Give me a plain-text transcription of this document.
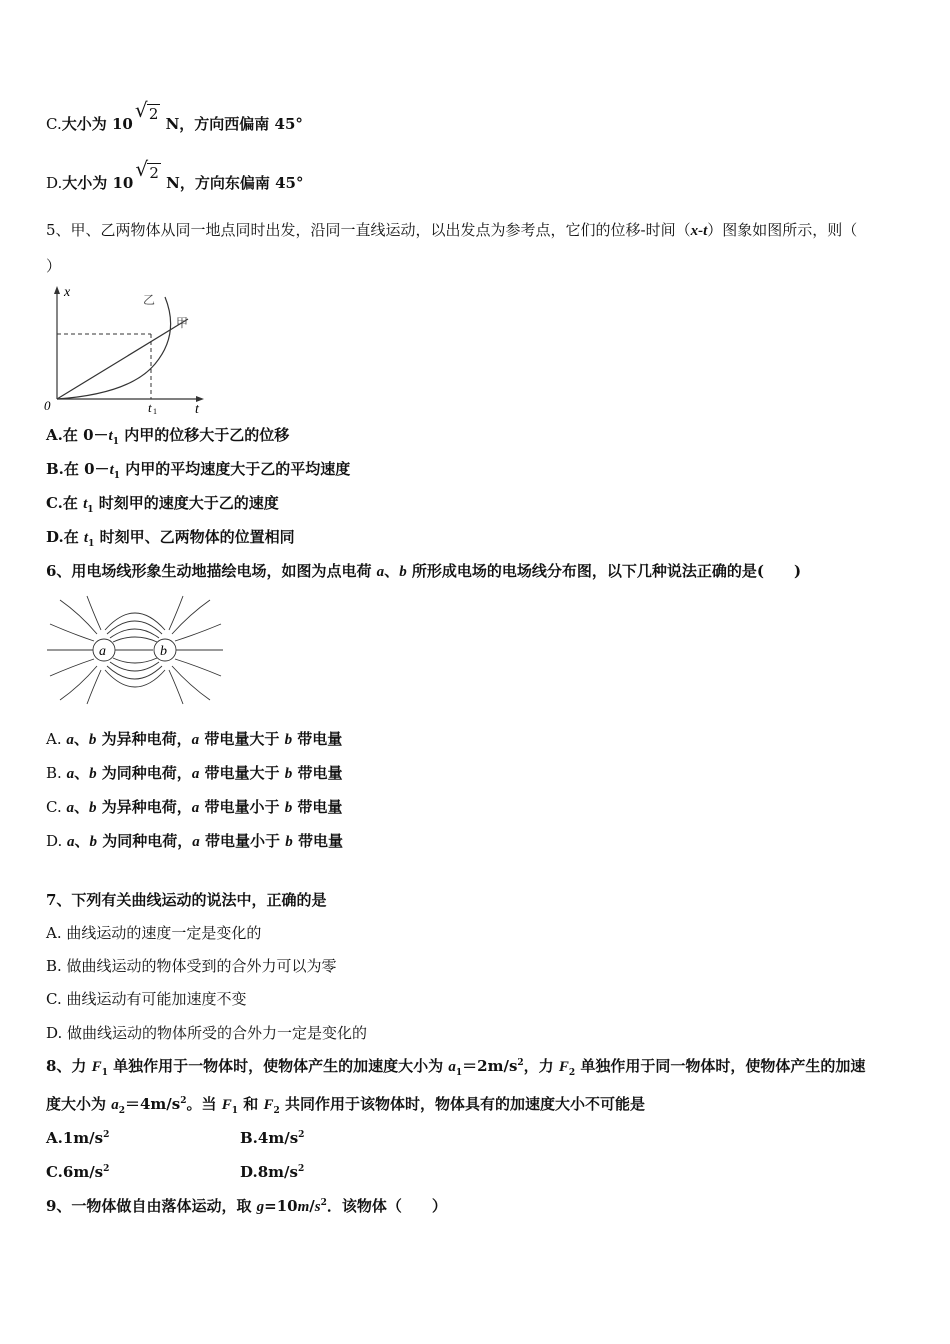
C.大小为 10
√ 2 N，方向西偏南 45°
D.大小为 10
√ 2 N，方向东偏南 45°
5、甲、乙两物体从同一地点同时出发，沿同一直线运动，以出发点为参考点，它们的位移-时间（x-t）图象如图所示，则（
）
x
t
0	t 1
乙
甲
A.在 $0-t_1$ 内甲的位移大于乙的位移
B.在 $0-t_1$ 内甲的平均速度大于乙的平均速度
C.在 $t_1$ 时刻甲的速度大于乙的速度
D.在 $t_1$ 时刻甲、乙两物体的位置相同
6、用电场线形象生动地描绘电场，如图为点电荷 a、b 所形成电场的电场线分布图，以下几种说法正确的是(　　)
a	b
A. a、b 为异种电荷，a 带电量大于 b 带电量
B. a、b 为同种电荷，a 带电量大于 b 带电量
C. a、b 为异种电荷，a 带电量小于 b 带电量
D. a、b 为同种电荷，a 带电量小于 b 带电量
7、下列有关曲线运动的说法中，正确的是
A. 曲线运动的速度一定是变化的
B. 做曲线运动的物体受到的合外力可以为零
C. 曲线运动有可能加速度不变
D. 做曲线运动的物体所受的合外力一定是变化的
8、力 $F_1$ 单独作用于一物体时，使物体产生的加速度大小为 $a_1=2m/s^2$，力 $F_2$ 单独作用于同一物体时，使物体产生的加速
度大小为 $a_2=4m/s^2$。当 $F_1$ 和 $F_2$ 共同作用于该物体时，物体具有的加速度大小不可能是
$A.1m/s^2$	$B.4m/s^2$
$C.6m/s^2$	$D.8m/s^2$
9、一物体做自由落体运动，取 $g=10m/s^2$．该物体（　　）
